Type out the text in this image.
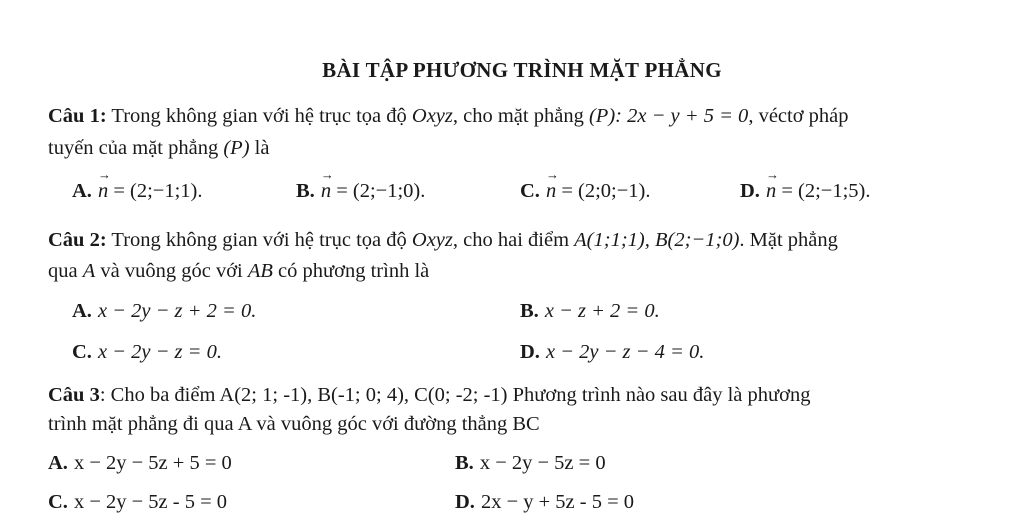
BÀI TẬP PHƯƠNG TRÌNH MẶT PHẲNG
Câu 1: Trong không gian với hệ trục tọa độ Oxyz, cho mặt phẳng (P): 2x − y + 5 = 0, véctơ pháp
tuyến của mặt phẳng (P) là
A. → n = (2;−1;1).	B. → n = (2;−1;0).	C. → n = (2;0;−1).	D. → n = (2;−1;5).
Câu 2: Trong không gian với hệ trục tọa độ Oxyz, cho hai điểm A(1;1;1), B(2;−1;0). Mặt phẳng
qua A và vuông góc với AB có phương trình là
A. x − 2y − z + 2 = 0.	B. x − z + 2 = 0.
C. x − 2y − z = 0.	D. x − 2y − z − 4 = 0.
Câu 3: Cho ba điểm A(2; 1; -1), B(-1; 0; 4), C(0; -2; -1) Phương trình nào sau đây là phương
trình mặt phẳng đi qua A và vuông góc với đường thẳng BC
A. x − 2y − 5z + 5 = 0	B. x − 2y − 5z = 0
C. x − 2y − 5z - 5 = 0	D. 2x − y + 5z - 5 = 0
